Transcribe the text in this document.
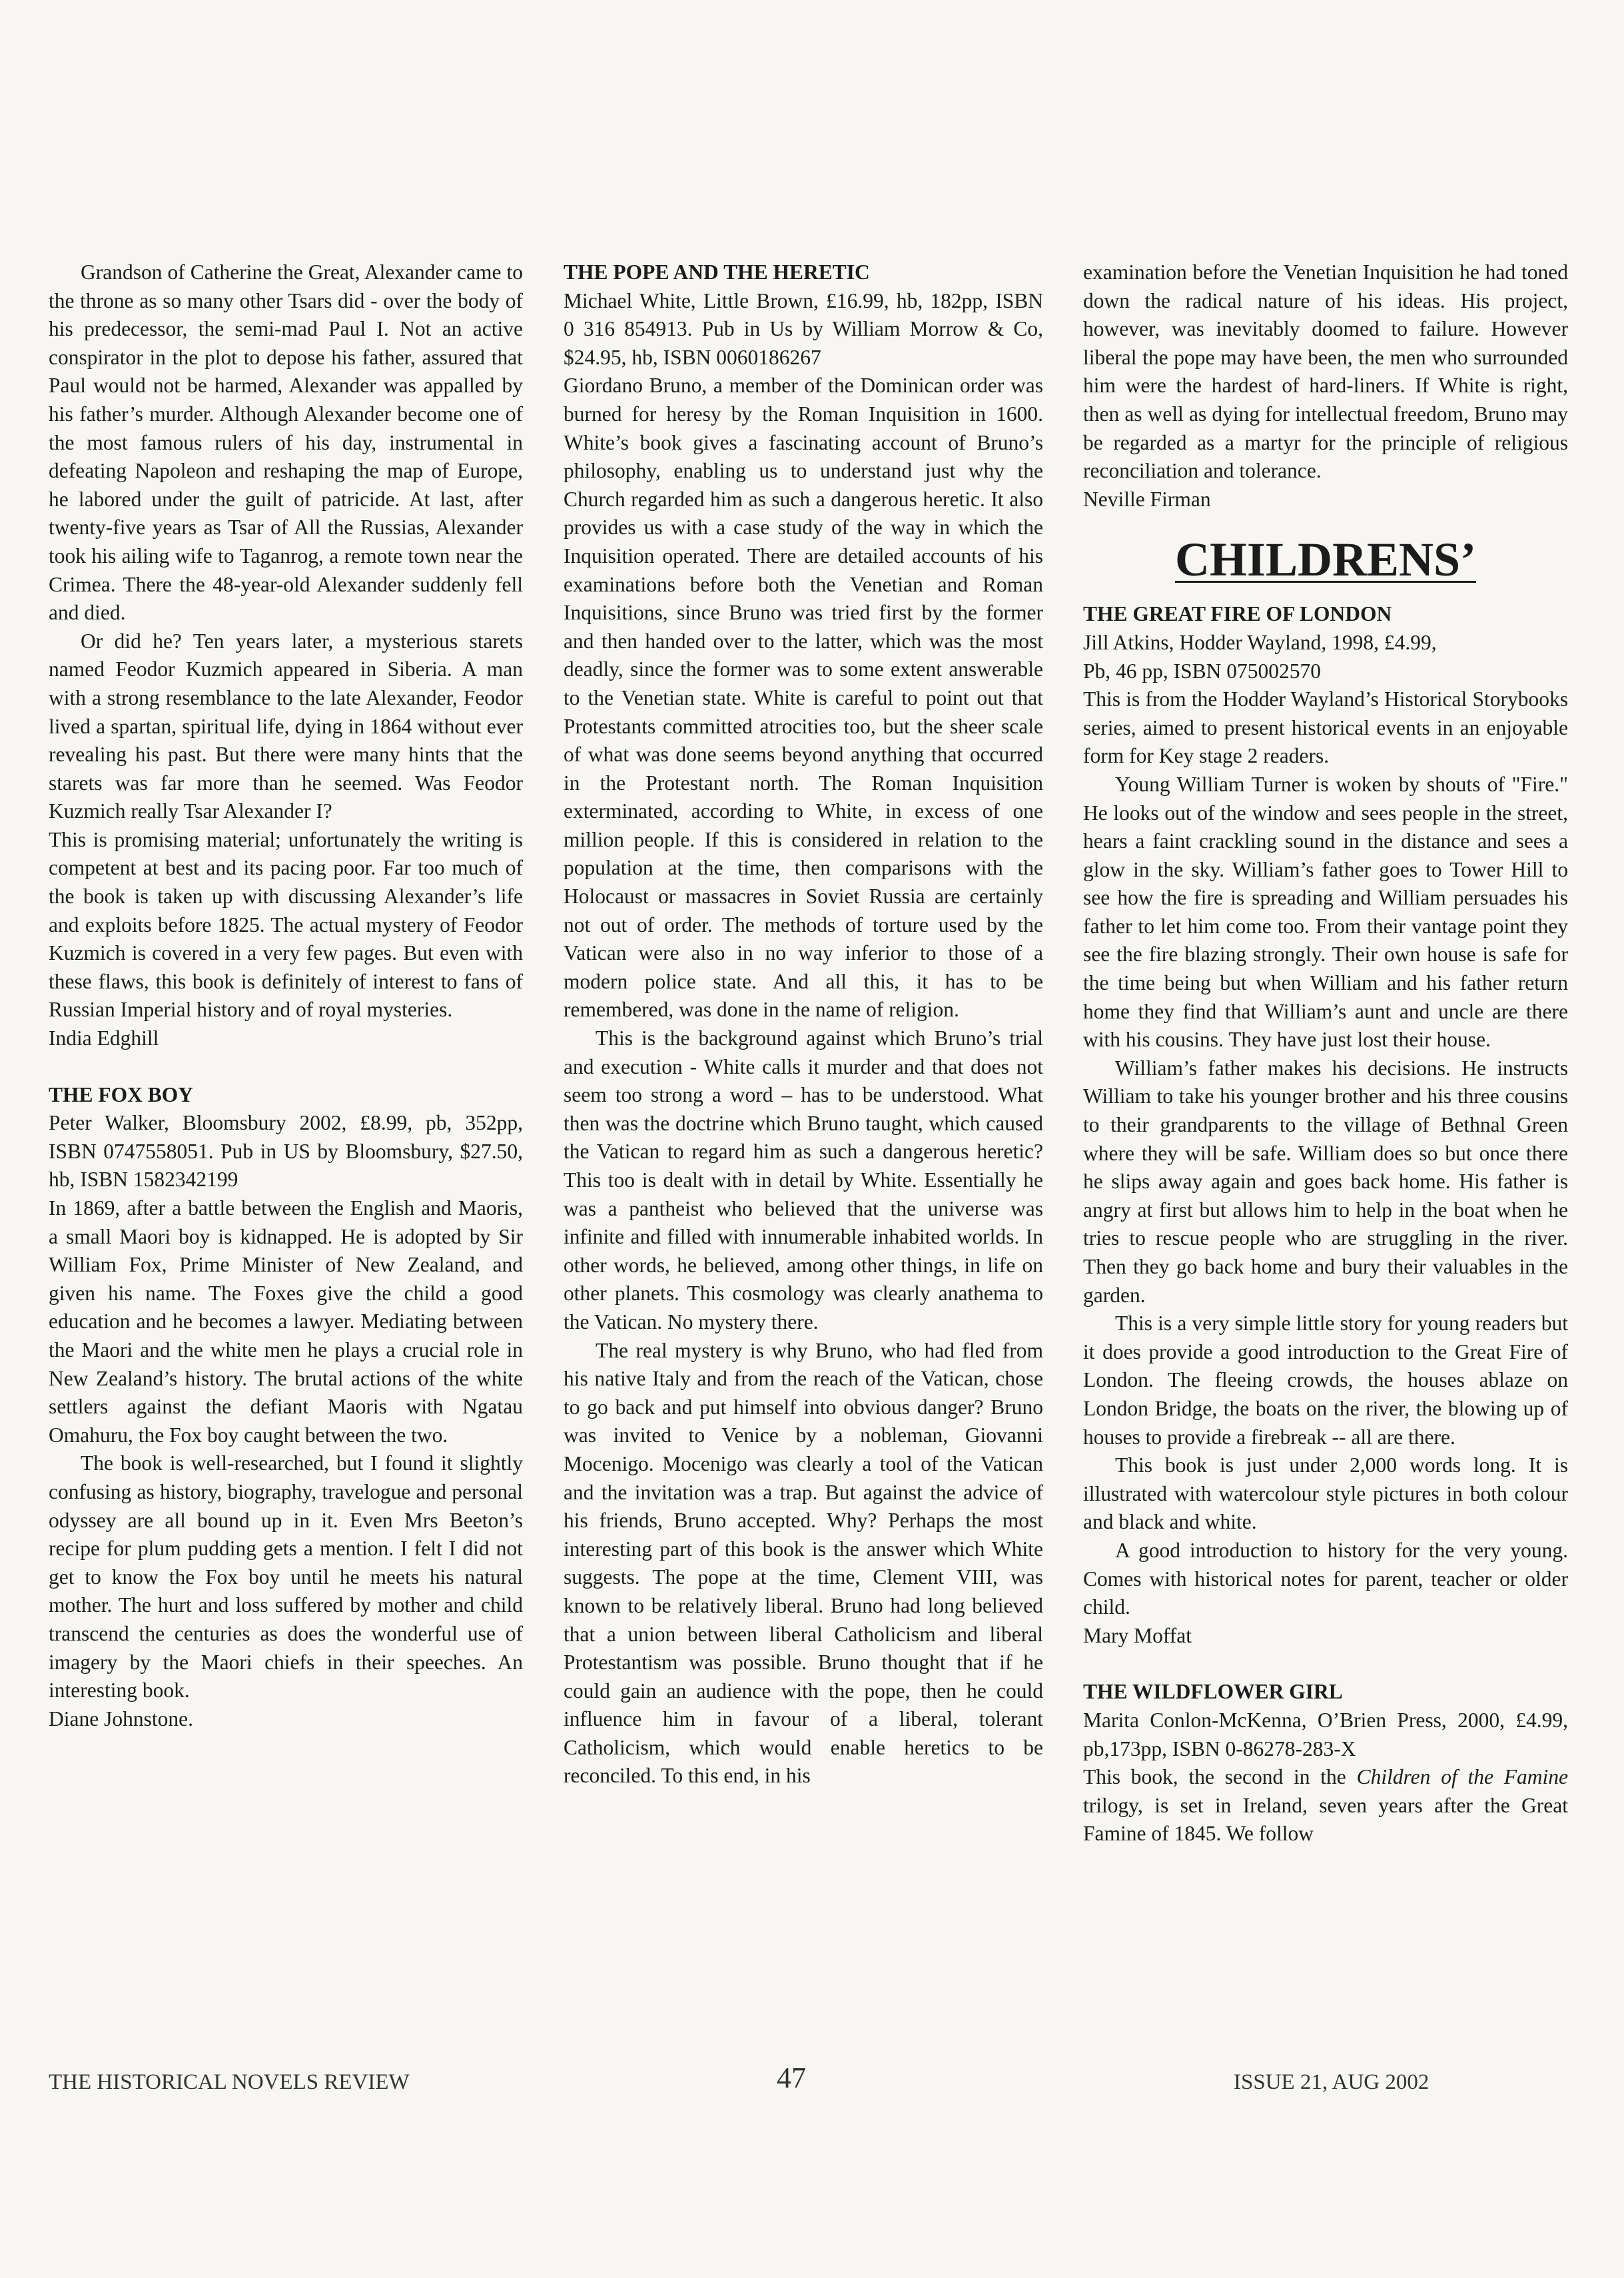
Grandson of Catherine the Great, Alexander came to the throne as so many other Tsars did - over the body of his predecessor, the semi-mad Paul I. Not an active conspirator in the plot to depose his father, assured that Paul would not be harmed, Alexander was appalled by his father’s murder. Although Alexander become one of the most famous rulers of his day, instrumental in defeating Napoleon and reshaping the map of Europe, he labored under the guilt of patricide. At last, after twenty-five years as Tsar of All the Russias, Alexander took his ailing wife to Taganrog, a remote town near the Crimea. There the 48-year-old Alexander suddenly fell and died.

Or did he? Ten years later, a mysterious starets named Feodor Kuzmich appeared in Siberia. A man with a strong resemblance to the late Alexander, Feodor lived a spartan, spiritual life, dying in 1864 without ever revealing his past. But there were many hints that the starets was far more than he seemed. Was Feodor Kuzmich really Tsar Alexander I?

This is promising material; unfortunately the writing is competent at best and its pacing poor. Far too much of the book is taken up with discussing Alexander’s life and exploits before 1825. The actual mystery of Feodor Kuzmich is covered in a very few pages. But even with these flaws, this book is definitely of interest to fans of Russian Imperial history and of royal mysteries.

India Edghill

THE FOX BOY

Peter Walker, Bloomsbury 2002, £8.99, pb, 352pp, ISBN 0747558051. Pub in US by Bloomsbury, $27.50, hb, ISBN 1582342199

In 1869, after a battle between the English and Maoris, a small Maori boy is kidnapped. He is adopted by Sir William Fox, Prime Minister of New Zealand, and given his name. The Foxes give the child a good education and he becomes a lawyer. Mediating between the Maori and the white men he plays a crucial role in New Zealand’s history. The brutal actions of the white settlers against the defiant Maoris with Ngatau Omahuru, the Fox boy caught between the two.

The book is well-researched, but I found it slightly confusing as history, biography, travelogue and personal odyssey are all bound up in it. Even Mrs Beeton’s recipe for plum pudding gets a mention. I felt I did not get to know the Fox boy until he meets his natural mother. The hurt and loss suffered by mother and child transcend the centuries as does the wonderful use of imagery by the Maori chiefs in their speeches. An interesting book.

Diane Johnstone.

THE POPE AND THE HERETIC

Michael White, Little Brown, £16.99, hb, 182pp, ISBN 0 316 854913. Pub in Us by William Morrow & Co, $24.95, hb, ISBN 0060186267

Giordano Bruno, a member of the Dominican order was burned for heresy by the Roman Inquisition in 1600. White’s book gives a fascinating account of Bruno’s philosophy, enabling us to understand just why the Church regarded him as such a dangerous heretic. It also provides us with a case study of the way in which the Inquisition operated. There are detailed accounts of his examinations before both the Venetian and Roman Inquisitions, since Bruno was tried first by the former and then handed over to the latter, which was the most deadly, since the former was to some extent answerable to the Venetian state. White is careful to point out that Protestants committed atrocities too, but the sheer scale of what was done seems beyond anything that occurred in the Protestant north. The Roman Inquisition exterminated, according to White, in excess of one million people. If this is considered in relation to the population at the time, then comparisons with the Holocaust or massacres in Soviet Russia are certainly not out of order. The methods of torture used by the Vatican were also in no way inferior to those of a modern police state. And all this, it has to be remembered, was done in the name of religion.

This is the background against which Bruno’s trial and execution - White calls it murder and that does not seem too strong a word – has to be understood. What then was the doctrine which Bruno taught, which caused the Vatican to regard him as such a dangerous heretic? This too is dealt with in detail by White. Essentially he was a pantheist who believed that the universe was infinite and filled with innumerable inhabited worlds. In other words, he believed, among other things, in life on other planets. This cosmology was clearly anathema to the Vatican. No mystery there.

The real mystery is why Bruno, who had fled from his native Italy and from the reach of the Vatican, chose to go back and put himself into obvious danger? Bruno was invited to Venice by a nobleman, Giovanni Mocenigo. Mocenigo was clearly a tool of the Vatican and the invitation was a trap. But against the advice of his friends, Bruno accepted. Why? Perhaps the most interesting part of this book is the answer which White suggests. The pope at the time, Clement VIII, was known to be relatively liberal. Bruno had long believed that a union between liberal Catholicism and liberal Protestantism was possible. Bruno thought that if he could gain an audience with the pope, then he could influence him in favour of a liberal, tolerant Catholicism, which would enable heretics to be reconciled. To this end, in his

examination before the Venetian Inquisition he had toned down the radical nature of his ideas. His project, however, was inevitably doomed to failure. However liberal the pope may have been, the men who surrounded him were the hardest of hard-liners. If White is right, then as well as dying for intellectual freedom, Bruno may be regarded as a martyr for the principle of religious reconciliation and tolerance.

Neville Firman

CHILDRENS’
THE GREAT FIRE OF LONDON

Jill Atkins, Hodder Wayland, 1998, £4.99,

Pb, 46 pp, ISBN 075002570

This is from the Hodder Wayland’s Historical Storybooks series, aimed to present historical events in an enjoyable form for Key stage 2 readers.

Young William Turner is woken by shouts of "Fire." He looks out of the window and sees people in the street, hears a faint crackling sound in the distance and sees a glow in the sky. William’s father goes to Tower Hill to see how the fire is spreading and William persuades his father to let him come too. From their vantage point they see the fire blazing strongly. Their own house is safe for the time being but when William and his father return home they find that William’s aunt and uncle are there with his cousins. They have just lost their house.

William’s father makes his decisions. He instructs William to take his younger brother and his three cousins to their grandparents to the village of Bethnal Green where they will be safe. William does so but once there he slips away again and goes back home. His father is angry at first but allows him to help in the boat when he tries to rescue people who are struggling in the river. Then they go back home and bury their valuables in the garden.

This is a very simple little story for young readers but it does provide a good introduction to the Great Fire of London. The fleeing crowds, the houses ablaze on London Bridge, the boats on the river, the blowing up of houses to provide a firebreak -- all are there.

This book is just under 2,000 words long. It is illustrated with watercolour style pictures in both colour and black and white.

A good introduction to history for the very young. Comes with historical notes for parent, teacher or older child.

Mary Moffat

THE WILDFLOWER GIRL

Marita Conlon-McKenna, O’Brien Press, 2000, £4.99, pb,173pp, ISBN 0-86278-283-X

This book, the second in the Children of the Famine trilogy, is set in Ireland, seven years after the Great Famine of 1845. We follow

THE HISTORICAL NOVELS REVIEW	47	ISSUE 21, AUG 2002
